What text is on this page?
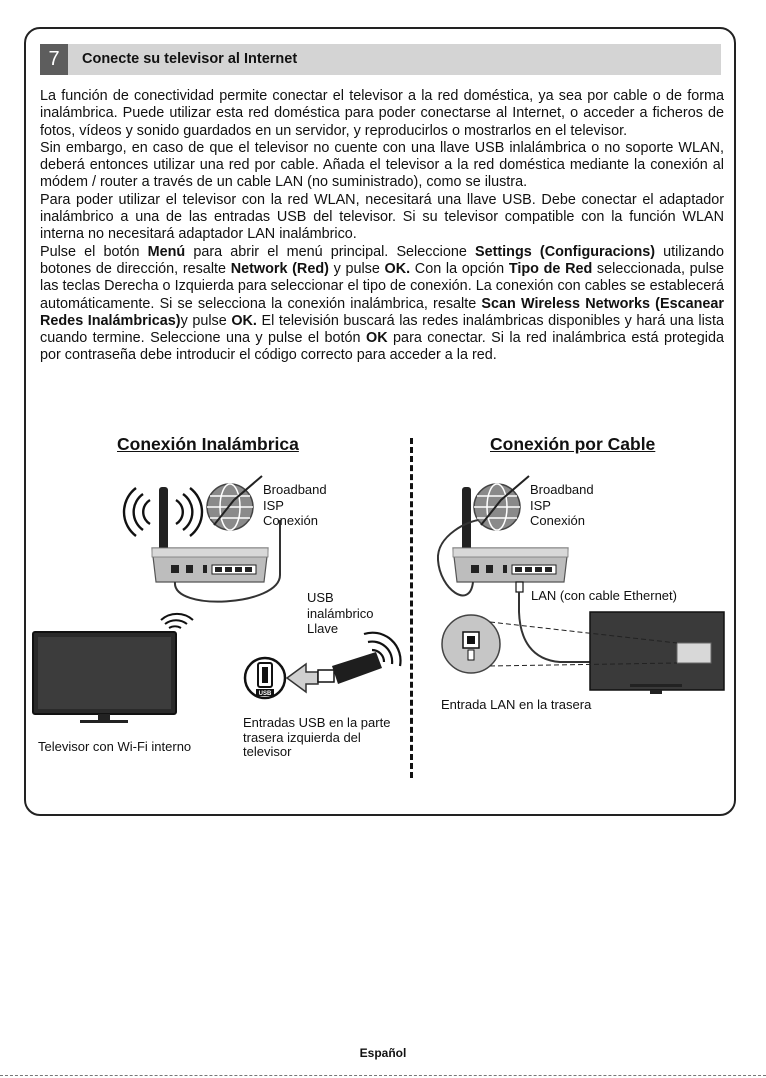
7	Conecte su televisor al Internet

La función de conectividad permite conectar el televisor a la red doméstica, ya sea por cable o de forma inalámbrica. Puede utilizar esta red doméstica para poder conectarse al Internet, o acceder a ficheros de fotos, vídeos y sonido guardados en un servidor, y reproducirlos o mostrarlos en el televisor.

Sin embargo, en caso de que el televisor no cuente con una llave USB inlalámbrica o no soporte WLAN, deberá entonces utilizar una red por cable. Añada el televisor a la red doméstica mediante la conexión al módem / router a través de un cable LAN (no suministrado), como se ilustra.

Para poder utilizar el televisor con la red WLAN, necesitará una llave USB. Debe conectar el adaptador inalámbrico a una de las entradas USB del televisor. Si su televisor compatible con la función WLAN interna no necesitará adaptador LAN inalámbrico.

Pulse el botón Menú para abrir el menú principal. Seleccione Settings (Configuracions) utilizando botones de dirección, resalte Network (Red) y pulse OK. Con la opción Tipo de Red seleccionada, pulse las teclas Derecha o Izquierda para seleccionar el tipo de conexión. La conexión con cables se establecerá automáticamente. Si se selecciona la conexión inalámbrica, resalte Scan Wireless Networks (Escanear Redes Inalámbricas)y pulse OK. El televisión buscará las redes inalámbricas disponibles y hará una lista cuando termine. Seleccione una y pulse el botón OK para conectar. Si la red inalámbrica está protegida por contraseña debe introducir el código correcto para acceder a la red.

Conexión Inalámbrica	Conexión por Cable
USB
Broadband
ISP
Conexión
USB
inalámbrico
Llave
Televisor con Wi-Fi interno
Entradas USB en la parte
trasera izquierda del
televisor
Broadband
ISP
Conexión
LAN (con cable Ethernet)
Entrada LAN en la trasera
Español
